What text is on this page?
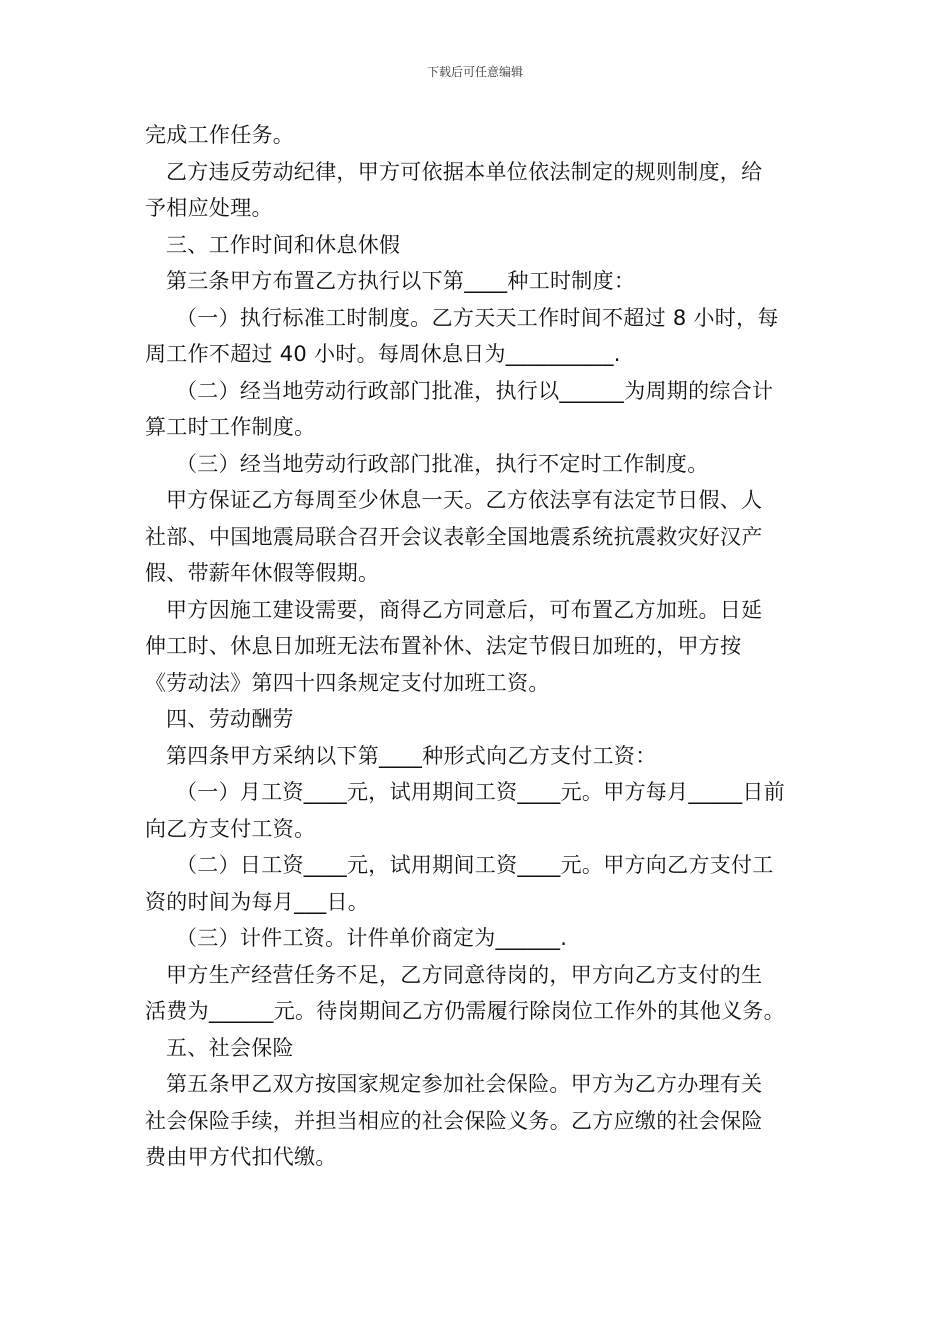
下载后可任意编辑
完成工作任务。
乙方违反劳动纪律，甲方可依据本单位依法制定的规则制度，给
予相应处理。
三、工作时间和休息休假
第三条甲方布置乙方执行以下第____种工时制度：
（一）执行标准工时制度。乙方天天工作时间不超过 8 小时，每
周工作不超过 40 小时。每周休息日为__________.
（二）经当地劳动行政部门批准，执行以______为周期的综合计
算工时工作制度。
（三）经当地劳动行政部门批准，执行不定时工作制度。
甲方保证乙方每周至少休息一天。乙方依法享有法定节日假、人
社部、中国地震局联合召开会议表彰全国地震系统抗震救灾好汉产
假、带薪年休假等假期。
甲方因施工建设需要，商得乙方同意后，可布置乙方加班。日延
伸工时、休息日加班无法布置补休、法定节假日加班的，甲方按
《劳动法》第四十四条规定支付加班工资。
四、劳动酬劳
第四条甲方采纳以下第____种形式向乙方支付工资：
（一）月工资____元，试用期间工资____元。甲方每月_____日前
向乙方支付工资。
（二）日工资____元，试用期间工资____元。甲方向乙方支付工
资的时间为每月___日。
（三）计件工资。计件单价商定为______.
甲方生产经营任务不足，乙方同意待岗的，甲方向乙方支付的生
活费为______元。待岗期间乙方仍需履行除岗位工作外的其他义务。
五、社会保险
第五条甲乙双方按国家规定参加社会保险。甲方为乙方办理有关
社会保险手续，并担当相应的社会保险义务。乙方应缴的社会保险
费由甲方代扣代缴。
